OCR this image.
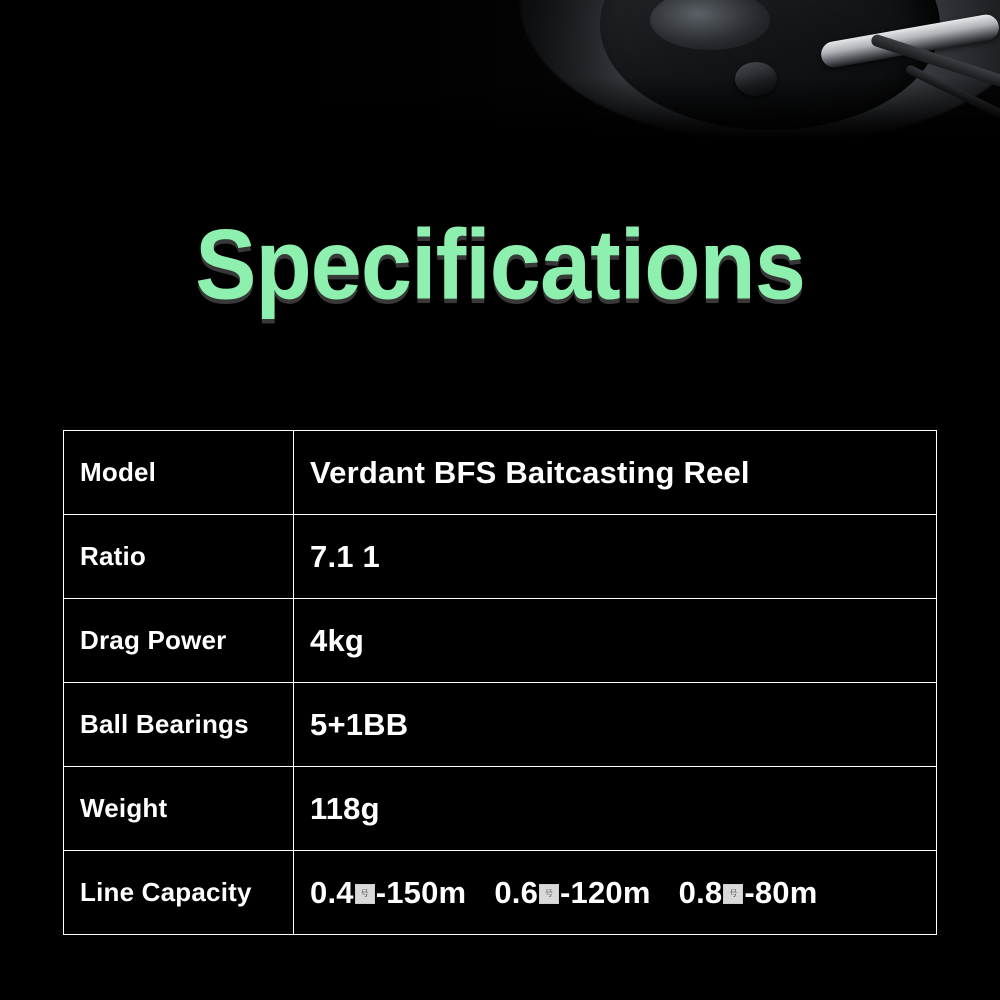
Specifications
Model	Verdant BFS Baitcasting Reel
Ratio	7.1 1
Drag Power	4kg
Ball Bearings	5+1BB
Weight	118g
Line Capacity	0.4 号 -150m 0.6 号 -120m 0.8 号 -80m
